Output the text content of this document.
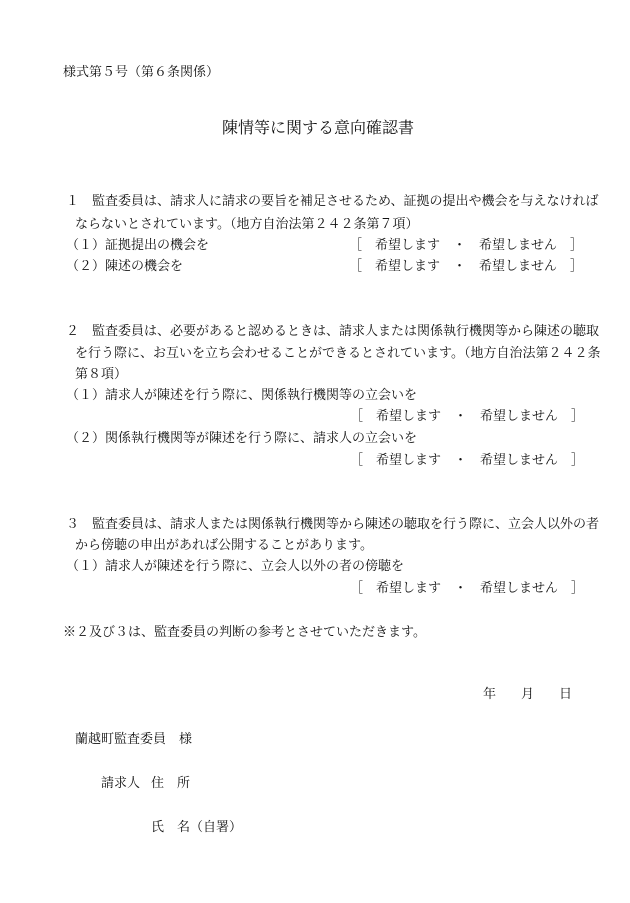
様式第５号（第６条関係）
陳情等に関する意向確認書
１　監査委員は、請求人に請求の要旨を補足させるため、証拠の提出や機会を与えなければ
ならないとされています。（地方自治法第２４２条第７項）
（１）証拠提出の機会を	［　希望します　・　希望しません　］
（２）陳述の機会を	［　希望します　・　希望しません　］
２　監査委員は、必要があると認めるときは、請求人または関係執行機関等から陳述の聴取
を行う際に、お互いを立ち会わせることができるとされています。（地方自治法第２４２条
第８項）
（１）請求人が陳述を行う際に、関係執行機関等の立会いを
［　希望します　・　希望しません　］
（２）関係執行機関等が陳述を行う際に、請求人の立会いを
［　希望します　・　希望しません　］
３　監査委員は、請求人または関係執行機関等から陳述の聴取を行う際に、立会人以外の者
から傍聴の申出があれば公開することがあります。
（１）請求人が陳述を行う際に、立会人以外の者の傍聴を
［　希望します　・　希望しません　］
※２及び３は、監査委員の判断の参考とさせていただきます。
年 月 日
蘭越町監査委員　様
請求人 住　所
氏　名（自署）
